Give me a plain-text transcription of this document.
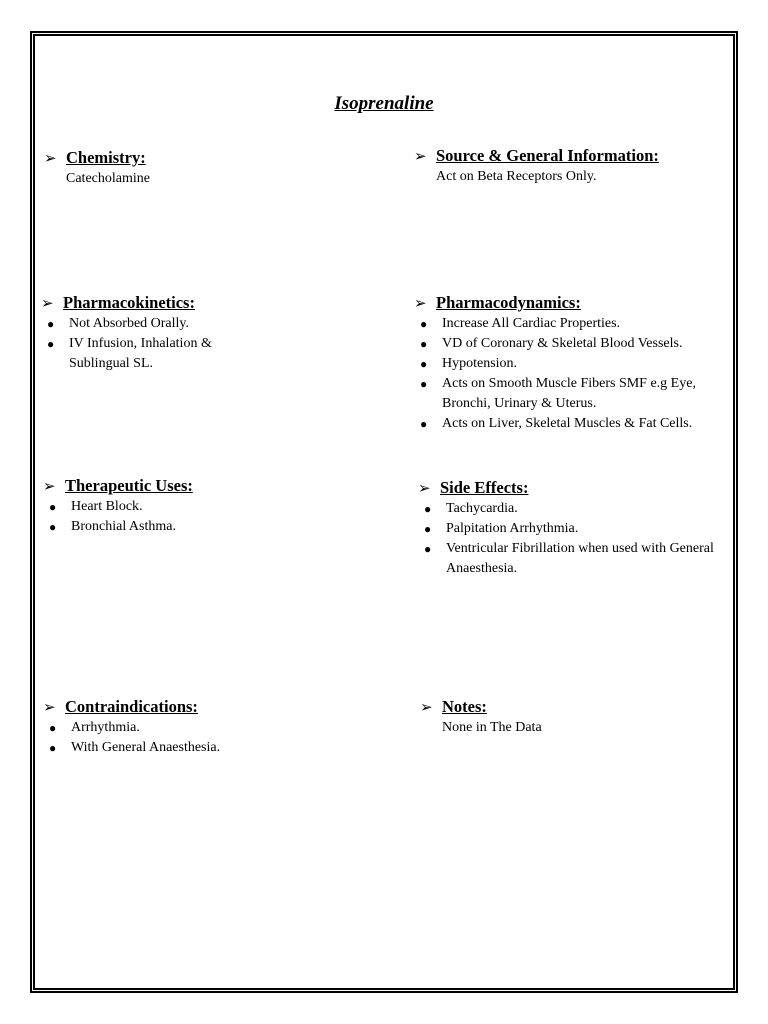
Isoprenaline
➢ Chemistry:
Catecholamine
➢ Source & General Information:
Act on Beta Receptors Only.
➢ Pharmacokinetics:
● Not Absorbed Orally.
● IV Infusion, Inhalation & Sublingual SL.
➢ Pharmacodynamics:
● Increase All Cardiac Properties.
● VD of Coronary & Skeletal Blood Vessels.
● Hypotension.
● Acts on Smooth Muscle Fibers SMF e.g Eye, Bronchi, Urinary & Uterus.
● Acts on Liver, Skeletal Muscles & Fat Cells.
➢ Therapeutic Uses:
● Heart Block.
● Bronchial Asthma.
➢ Side Effects:
● Tachycardia.
● Palpitation Arrhythmia.
● Ventricular Fibrillation when used with General Anaesthesia.
➢ Contraindications:
● Arrhythmia.
● With General Anaesthesia.
➢ Notes:
None in The Data
